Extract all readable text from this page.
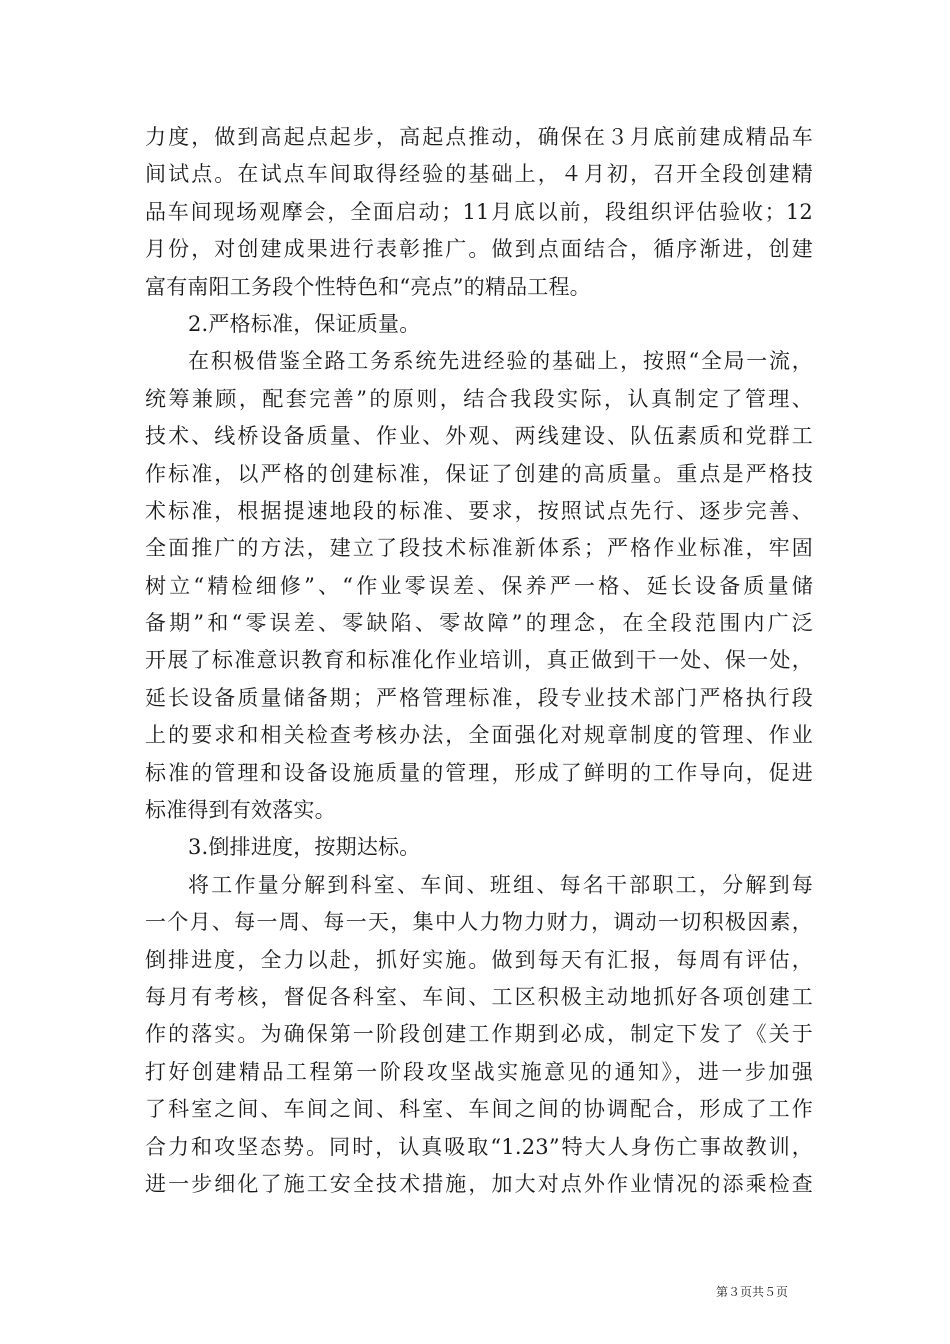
力度，做到高起点起步，高起点推动，确保在３月底前建成精品车
间试点。在试点车间取得经验的基础上，４月初，召开全段创建精
品车间现场观摩会，全面启动；11月底以前，段组织评估验收；12
月份，对创建成果进行表彰推广。做到点面结合，循序渐进，创建
富有南阳工务段个性特色和“亮点”的精品工程。
2.严格标准，保证质量。
在积极借鉴全路工务系统先进经验的基础上，按照“全局一流，
统筹兼顾，配套完善”的原则，结合我段实际，认真制定了管理、
技术、线桥设备质量、作业、外观、两线建设、队伍素质和党群工
作标准，以严格的创建标准，保证了创建的高质量。重点是严格技
术标准，根据提速地段的标准、要求，按照试点先行、逐步完善、
全面推广的方法，建立了段技术标准新体系；严格作业标准，牢固
树立“精检细修”、“作业零误差、保养严一格、延长设备质量储
备期”和“零误差、零缺陷、零故障”的理念，在全段范围内广泛
开展了标准意识教育和标准化作业培训，真正做到干一处、保一处，
延长设备质量储备期；严格管理标准，段专业技术部门严格执行段
上的要求和相关检查考核办法，全面强化对规章制度的管理、作业
标准的管理和设备设施质量的管理，形成了鲜明的工作导向，促进
标准得到有效落实。
3.倒排进度，按期达标。
将工作量分解到科室、车间、班组、每名干部职工，分解到每
一个月、每一周、每一天，集中人力物力财力，调动一切积极因素，
倒排进度，全力以赴，抓好实施。做到每天有汇报，每周有评估，
每月有考核，督促各科室、车间、工区积极主动地抓好各项创建工
作的落实。为确保第一阶段创建工作期到必成，制定下发了《关于
打好创建精品工程第一阶段攻坚战实施意见的通知》，进一步加强
了科室之间、车间之间、科室、车间之间的协调配合，形成了工作
合力和攻坚态势。同时，认真吸取“1.23”特大人身伤亡事故教训，
进一步细化了施工安全技术措施，加大对点外作业情况的添乘检查
第３页共５页
